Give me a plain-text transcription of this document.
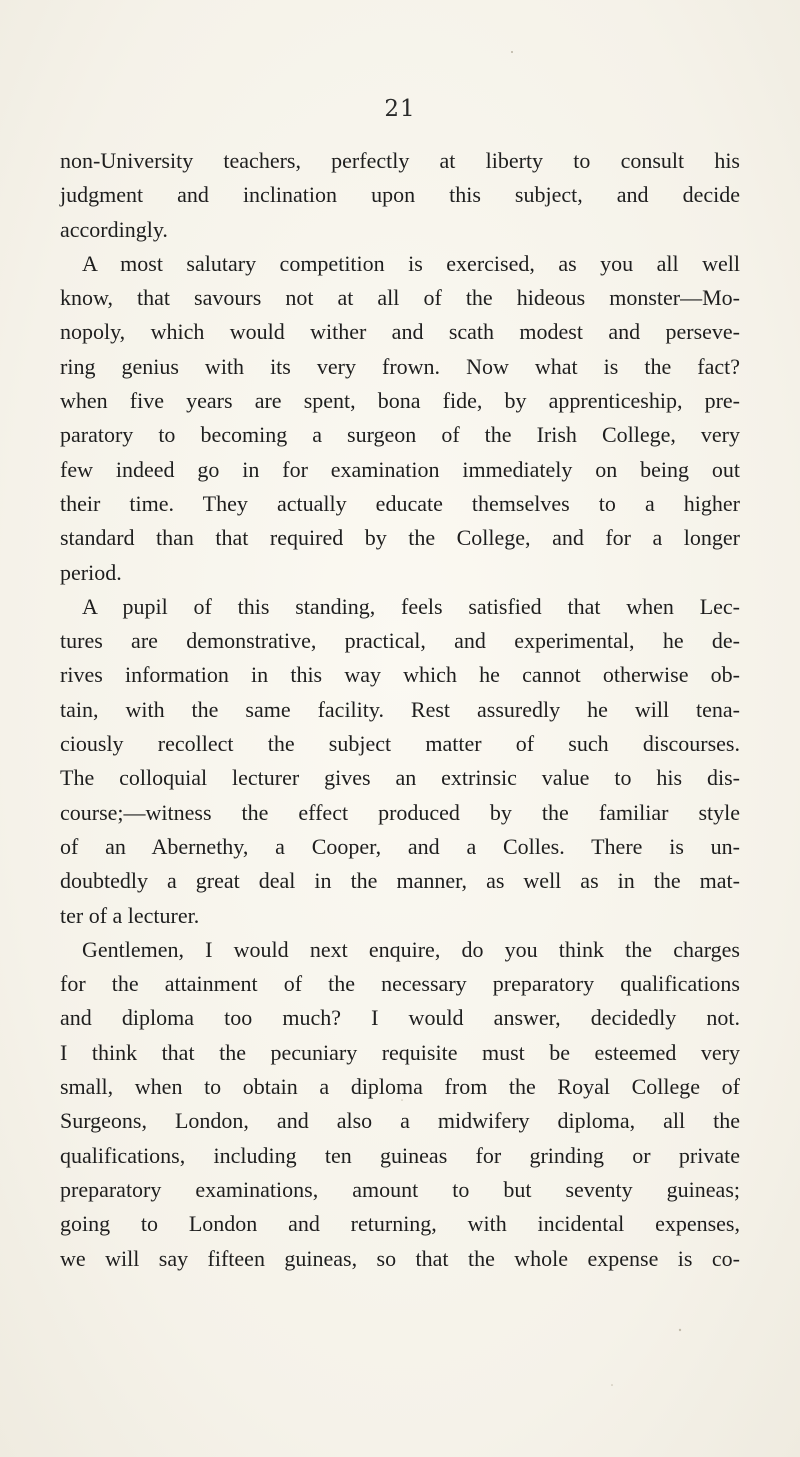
21
non-University teachers, perfectly at liberty to consult his
judgment and inclination upon this subject, and decide
accordingly.
A most salutary competition is exercised, as you all well
know, that savours not at all of the hideous monster—Mo-
nopoly, which would wither and scath modest and perseve-
ring genius with its very frown. Now what is the fact?
when five years are spent, bona fide, by apprenticeship, pre-
paratory to becoming a surgeon of the Irish College, very
few indeed go in for examination immediately on being out
their time. They actually educate themselves to a higher
standard than that required by the College, and for a longer
period.
A pupil of this standing, feels satisfied that when Lec-
tures are demonstrative, practical, and experimental, he de-
rives information in this way which he cannot otherwise ob-
tain, with the same facility. Rest assuredly he will tena-
ciously recollect the subject matter of such discourses.
The colloquial lecturer gives an extrinsic value to his dis-
course;—witness the effect produced by the familiar style
of an Abernethy, a Cooper, and a Colles. There is un-
doubtedly a great deal in the manner, as well as in the mat-
ter of a lecturer.
Gentlemen, I would next enquire, do you think the charges
for the attainment of the necessary preparatory qualifications
and diploma too much? I would answer, decidedly not.
I think that the pecuniary requisite must be esteemed very
small, when to obtain a diploma from the Royal College of
Surgeons, London, and also a midwifery diploma, all the
qualifications, including ten guineas for grinding or private
preparatory examinations, amount to but seventy guineas;
going to London and returning, with incidental expenses,
we will say fifteen guineas, so that the whole expense is co-
